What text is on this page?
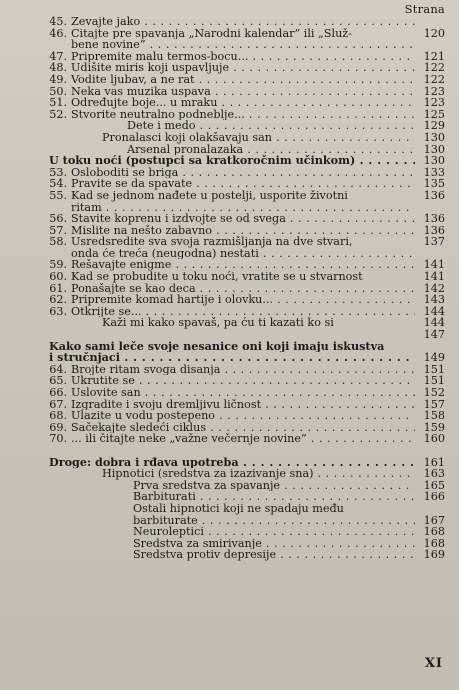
Strana
45. Zevajte jako . . .
46. Čitajte pre spavanja „Narodni kalendar” ili „Služ-	120
bene novine” . . .
47. Pripremite malu termos-bocu... . . .	121
48. Udišite miris koji uspavljuje . . .	122
49. Vodite ljubav, a ne rat . . .	122
50. Neka vas muzika uspava . . .	123
51. Određujte boje... u mraku . . .	123
52. Stvorite neutralno podneblje... . . .	125
Dete i medo . . .	129
Pronalasci koji olakšavaju san . . .	130
Arsenal pronalazaka . . .	130
U toku noći (postupci sa kratkoročnim učinkom) . . .	130
53. Osloboditi se briga . . .	133
54. Pravite se da spavate . . .	135
55. Kad se jednom nađete u postelji, usporite životni	136
ritam . . .
56. Stavite koprenu i izdvojte se od svega . . .	136
57. Mislite na nešto zabavno . . .	136
58. Usredsredite sva svoja razmišljanja na dve stvari,	137
onda će treća (neugodna) nestati . . .
59. Rešavajte enigme . . .	141
60. Kad se probudite u toku noći, vratite se u stvarnost	141
61. Ponašajte se kao deca . . .	142
62. Pripremite komad hartije i olovku... . . .	143
63. Otkrijte se... . . .	144
Kaži mi kako spavaš, pa ću ti kazati ko si	144
147
Kako sami leče svoje nesanice oni koji imaju iskustva
i stručnjaci . . .	149
64. Brojte ritam svoga disanja . . .	151
65. Ukrutite se . . .	151
66. Uslovite san . . .	152
67. Izgradite i svoju dremljivu ličnost . . .	157
68. Ulazite u vodu postepeno . . .	158
69. Sačekajte sledeći ciklus . . .	159
70. ... ili čitajte neke „važne večernje novine” . . .	160
Droge: dobra i rđava upotreba . . .	161
Hipnotici (sredstva za izazivanje sna) . . .	163
Prva sredstva za spavanje . . .	165
Barbiturati . . .	166
Ostali hipnotici koji ne spadaju među
barbiturate . . .	167
Neuroleptici . . .	168
Sredstva za smirivanje . . .	168
Sredstva protiv depresije . . .	169
XI
